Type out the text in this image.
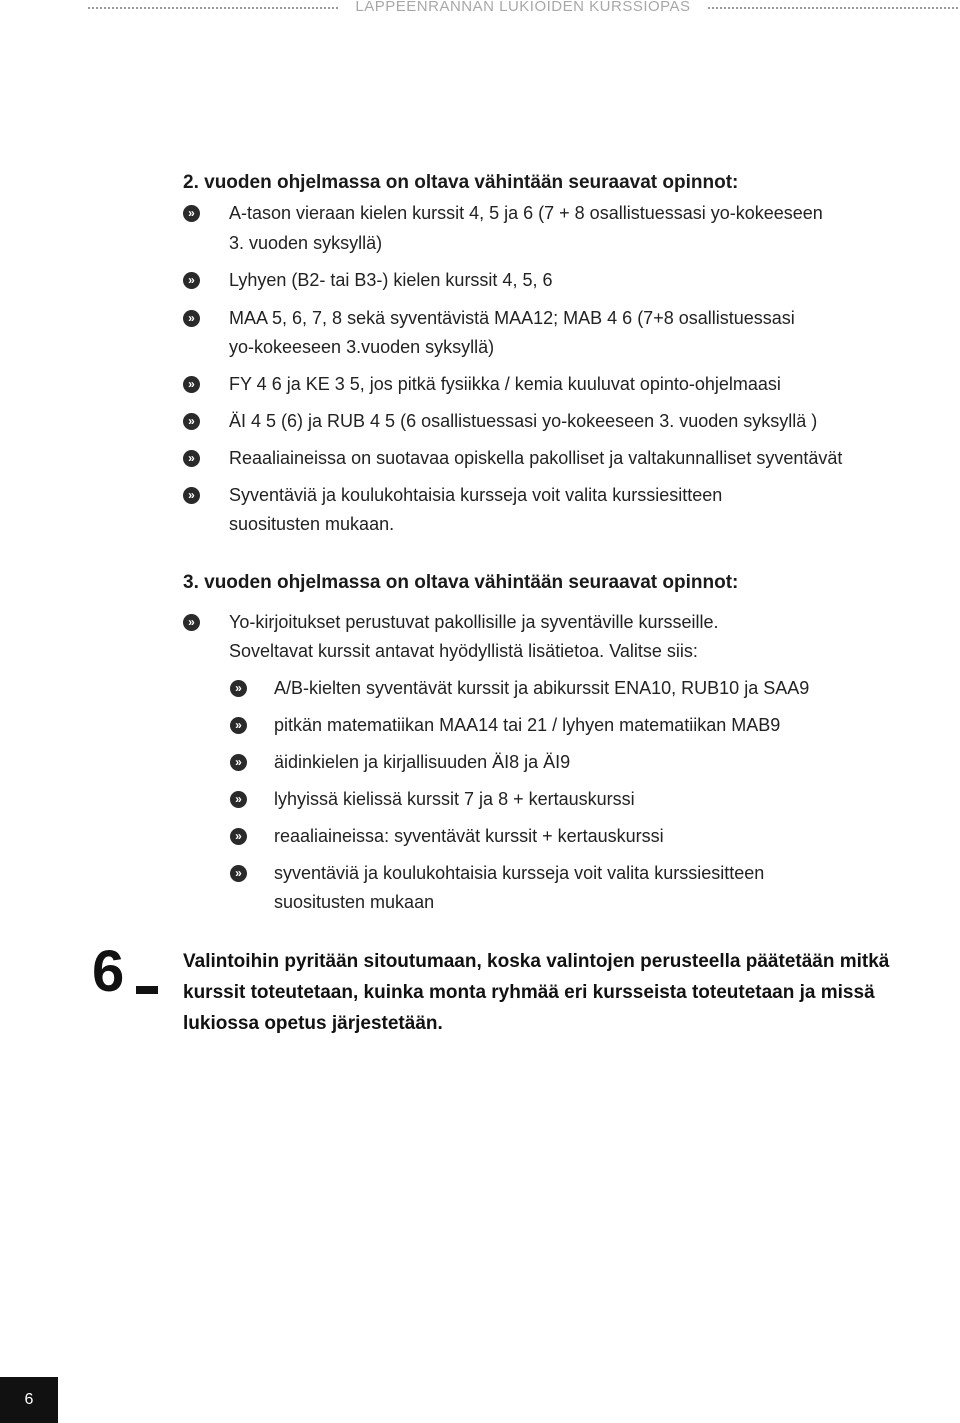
LAPPEENRANNAN LUKIOIDEN KURSSIOPAS
2. vuoden ohjelmassa on oltava vähintään seuraavat opinnot:
»	A-tason vieraan kielen kurssit 4, 5 ja 6 (7 + 8 osallistuessasi yo-kokeeseen
3. vuoden syksyllä)
»	Lyhyen (B2- tai B3-) kielen kurssit 4, 5, 6
»	MAA 5, 6, 7, 8 sekä syventävistä MAA12; MAB 4 6 (7+8 osallistuessasi
yo-kokeeseen 3.vuoden syksyllä)
»	FY 4 6 ja KE 3 5, jos pitkä fysiikka / kemia kuuluvat opinto-ohjelmaasi
»	ÄI 4 5 (6) ja RUB 4 5 (6 osallistuessasi yo-kokeeseen 3. vuoden syksyllä )
»	Reaaliaineissa on suotavaa opiskella pakolliset ja valtakunnalliset syventävät
»	Syventäviä ja koulukohtaisia kursseja voit valita kurssiesitteen
suositusten mukaan.
3. vuoden ohjelmassa on oltava vähintään seuraavat opinnot:
»	Yo-kirjoitukset perustuvat pakollisille ja syventäville kursseille.
Soveltavat kurssit antavat hyödyllistä lisätietoa. Valitse siis:
»	A/B-kielten syventävät kurssit ja abikurssit ENA10, RUB10 ja SAA9
»	pitkän matematiikan MAA14 tai 21 / lyhyen matematiikan MAB9
»	äidinkielen ja kirjallisuuden ÄI8 ja ÄI9
»	lyhyissä kielissä kurssit 7 ja 8 + kertauskurssi
»	reaaliaineissa: syventävät kurssit + kertauskurssi
»	syventäviä ja koulukohtaisia kursseja voit valita kurssiesitteen
suositusten mukaan
6	Valintoihin pyritään sitoutumaan, koska valintojen perusteella päätetään mitkä kurssit toteutetaan, kuinka monta ryhmää eri kursseista toteutetaan ja missä lukiossa opetus järjestetään.
6
